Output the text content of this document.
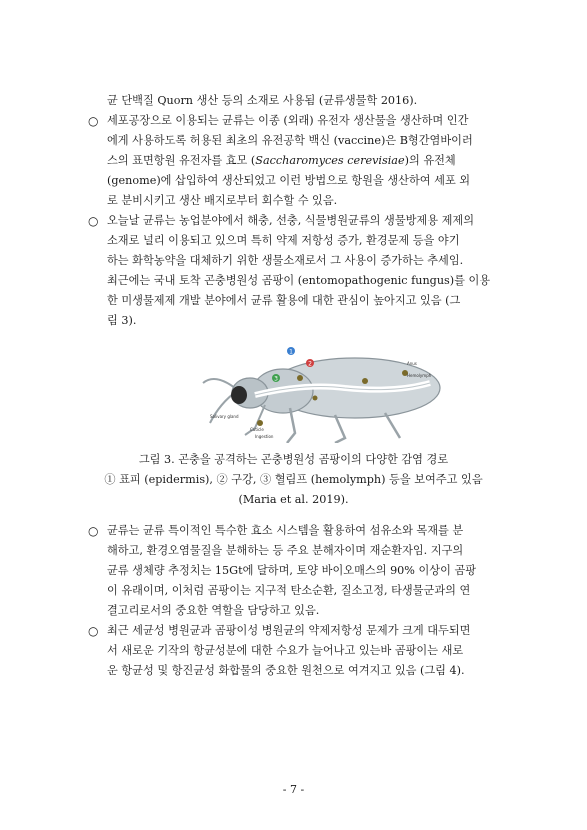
균 단백질 Quorn 생산 등의 소재로 사용됨 (균류생물학 2016).
○ 세포공장으로 이용되는 균류는 이종 (외래) 유전자 생산물을 생산하며 인간
에게 사용하도록 허용된 최초의 유전공학 백신 (vaccine)은 B형간염바이러
스의 표면항원 유전자를 효모 (Saccharomyces cerevisiae)의 유전체
(genome)에 삽입하여 생산되었고 이런 방법으로 항원을 생산하여 세포 외
로 분비시키고 생산 배지로부터 회수할 수 있음.
○ 오늘날 균류는 농업분야에서 해충, 선충, 식물병원균류의 생물방제용 제제의
소재로 널리 이용되고 있으며 특히 약제 저항성 증가, 환경문제 등을 야기
하는 화학농약을 대체하기 위한 생물소재로서 그 사용이 증가하는 추세임.
최근에는 국내 토착 곤충병원성 곰팡이 (entomopathogenic fungus)를 이용
한 미생물제제 개발 분야에서 균류 활용에 대한 관심이 높아지고 있음 (그
림 3).
1
2
3
Salivary gland
Cuticle
Anus
Ingestion
Hemolymph
그림 3. 곤충을 공격하는 곤충병원성 곰팡이의 다양한 감염 경로
① 표피 (epidermis), ② 구강, ③ 혈림프 (hemolymph) 등을 보여주고 있음
(Maria et al. 2019).
○ 균류는 균류 특이적인 특수한 효소 시스템을 활용하여 섬유소와 목재를 분
해하고, 환경오염물질을 분해하는 등 주요 분해자이며 재순환자임. 지구의
균류 생체량 추정치는 15Gt에 달하며, 토양 바이오매스의 90% 이상이 곰팡
이 유래이며, 이처럼 곰팡이는 지구적 탄소순환, 질소고정, 타생물군과의 연
결고리로서의 중요한 역할을 담당하고 있음.
○ 최근 세균성 병원균과 곰팡이성 병원균의 약제저항성 문제가 크게 대두되면
서 새로운 기작의 항균성분에 대한 수요가 늘어나고 있는바 곰팡이는 새로
운 항균성 및 항진균성 화합물의 중요한 원천으로 여겨지고 있음 (그림 4).
- 7 -
